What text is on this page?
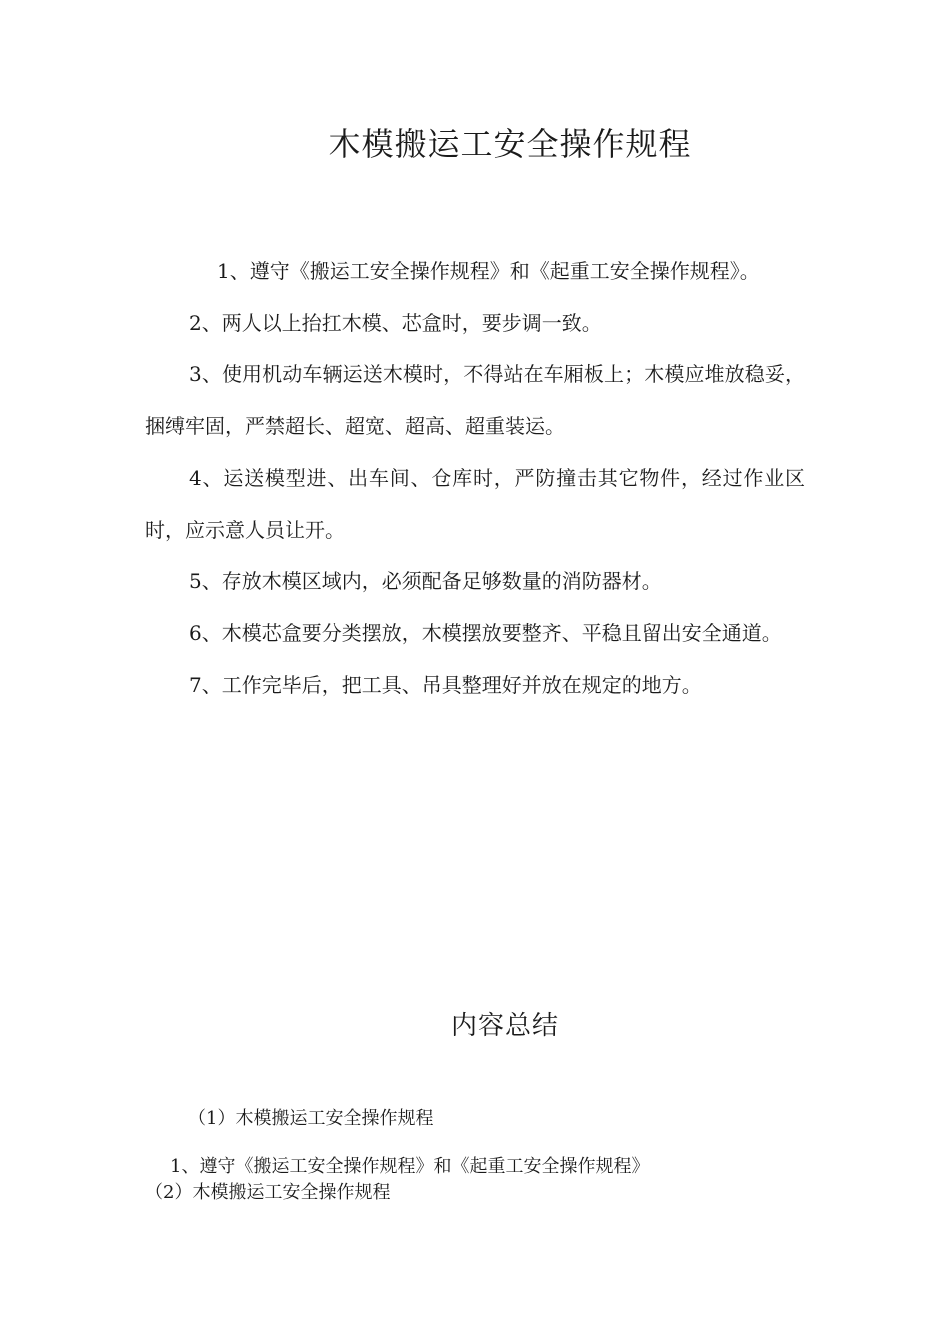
木模搬运工安全操作规程

1、遵守《搬运工安全操作规程》和《起重工安全操作规程》。

2、两人以上抬扛木模、芯盒时，要步调一致。

3、使用机动车辆运送木模时，不得站在车厢板上；木模应堆放稳妥，捆缚牢固，严禁超长、超宽、超高、超重装运。

4、运送模型进、出车间、仓库时，严防撞击其它物件，经过作业区时，应示意人员让开。

5、存放木模区域内，必须配备足够数量的消防器材。

6、木模芯盒要分类摆放，木模摆放要整齐、平稳且留出安全通道。

7、工作完毕后，把工具、吊具整理好并放在规定的地方。

内容总结
（1）木模搬运工安全操作规程
1、遵守《搬运工安全操作规程》和《起重工安全操作规程》
（2）木模搬运工安全操作规程
